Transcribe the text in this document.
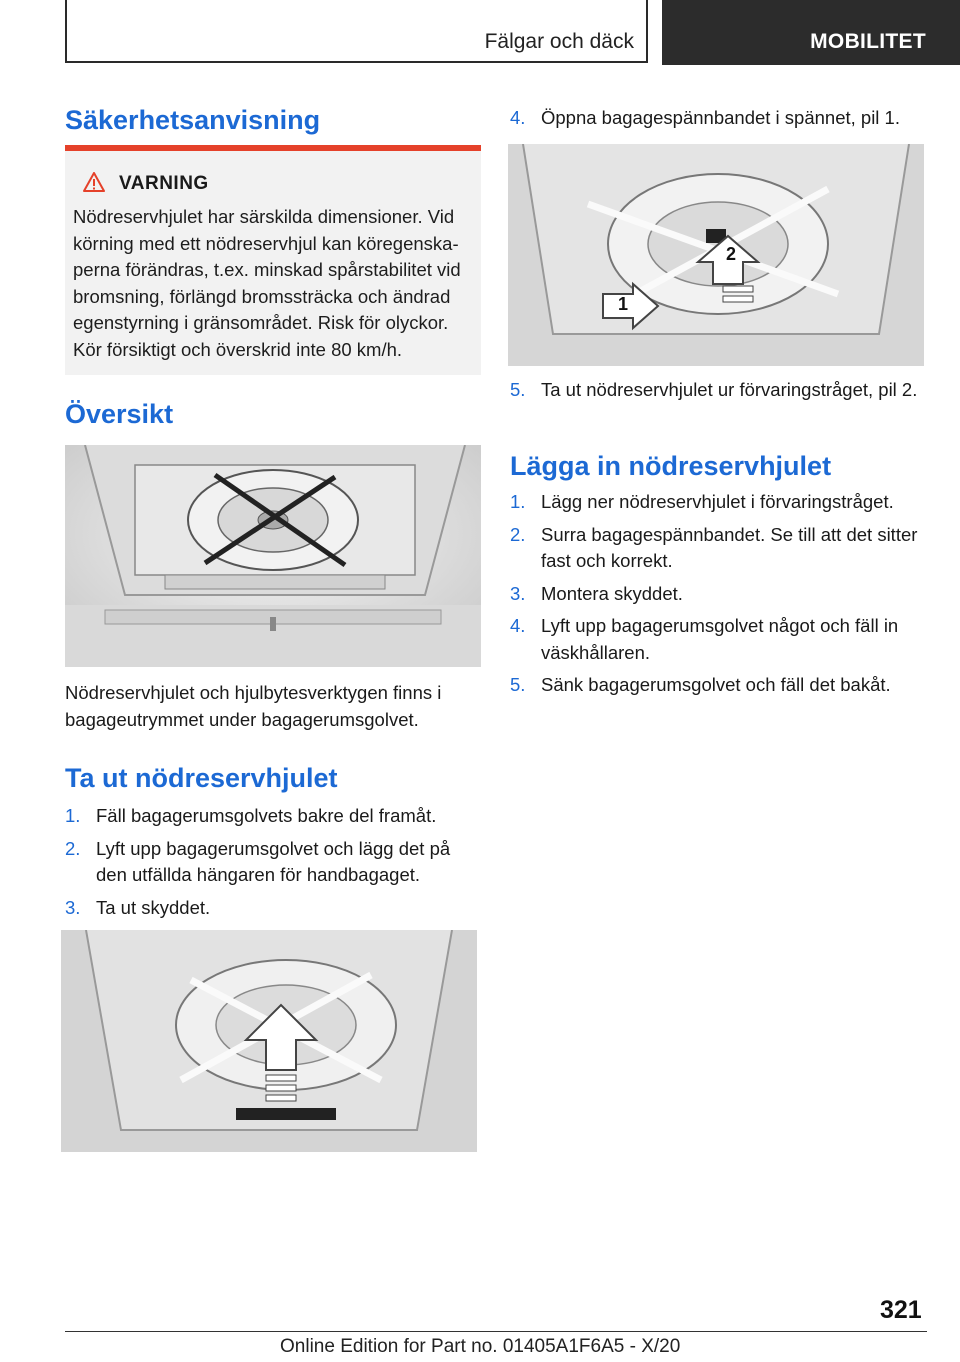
Fälgar och däck	MOBILITET
Säkerhetsanvisning
VARNING
Nödreservhjulet har särskilda dimensioner. Vid körning med ett nödreservhjul kan köregenskaperna förändras, t.ex. minskad spårstabilitet vid bromsning, förlängd bromssträcka och ändrad egenstyrning i gränsområdet. Risk för olyckor. Kör försiktigt och överskrid inte 80 km/h.
Översikt
Nödreservhjulet och hjulbytesverktygen finns i bagageutrymmet under bagagerumsgolvet.
Ta ut nödreservhjulet
1. Fäll bagagerumsgolvets bakre del framåt.
2. Lyft upp bagagerumsgolvet och lägg det på den utfällda hängaren för handbagaget.
3. Ta ut skyddet.
4. Öppna bagagespännbandet i spännet, pil 1.
1
2
5. Ta ut nödreservhjulet ur förvaringstråget, pil 2.
Lägga in nödreservhjulet
1. Lägg ner nödreservhjulet i förvaringstråget.
2. Surra bagagespännbandet. Se till att det sitter fast och korrekt.
3. Montera skyddet.
4. Lyft upp bagagerumsgolvet något och fäll in väskhållaren.
5. Sänk bagagerumsgolvet och fäll det bakåt.
321
Online Edition for Part no. 01405A1F6A5 - X/20
